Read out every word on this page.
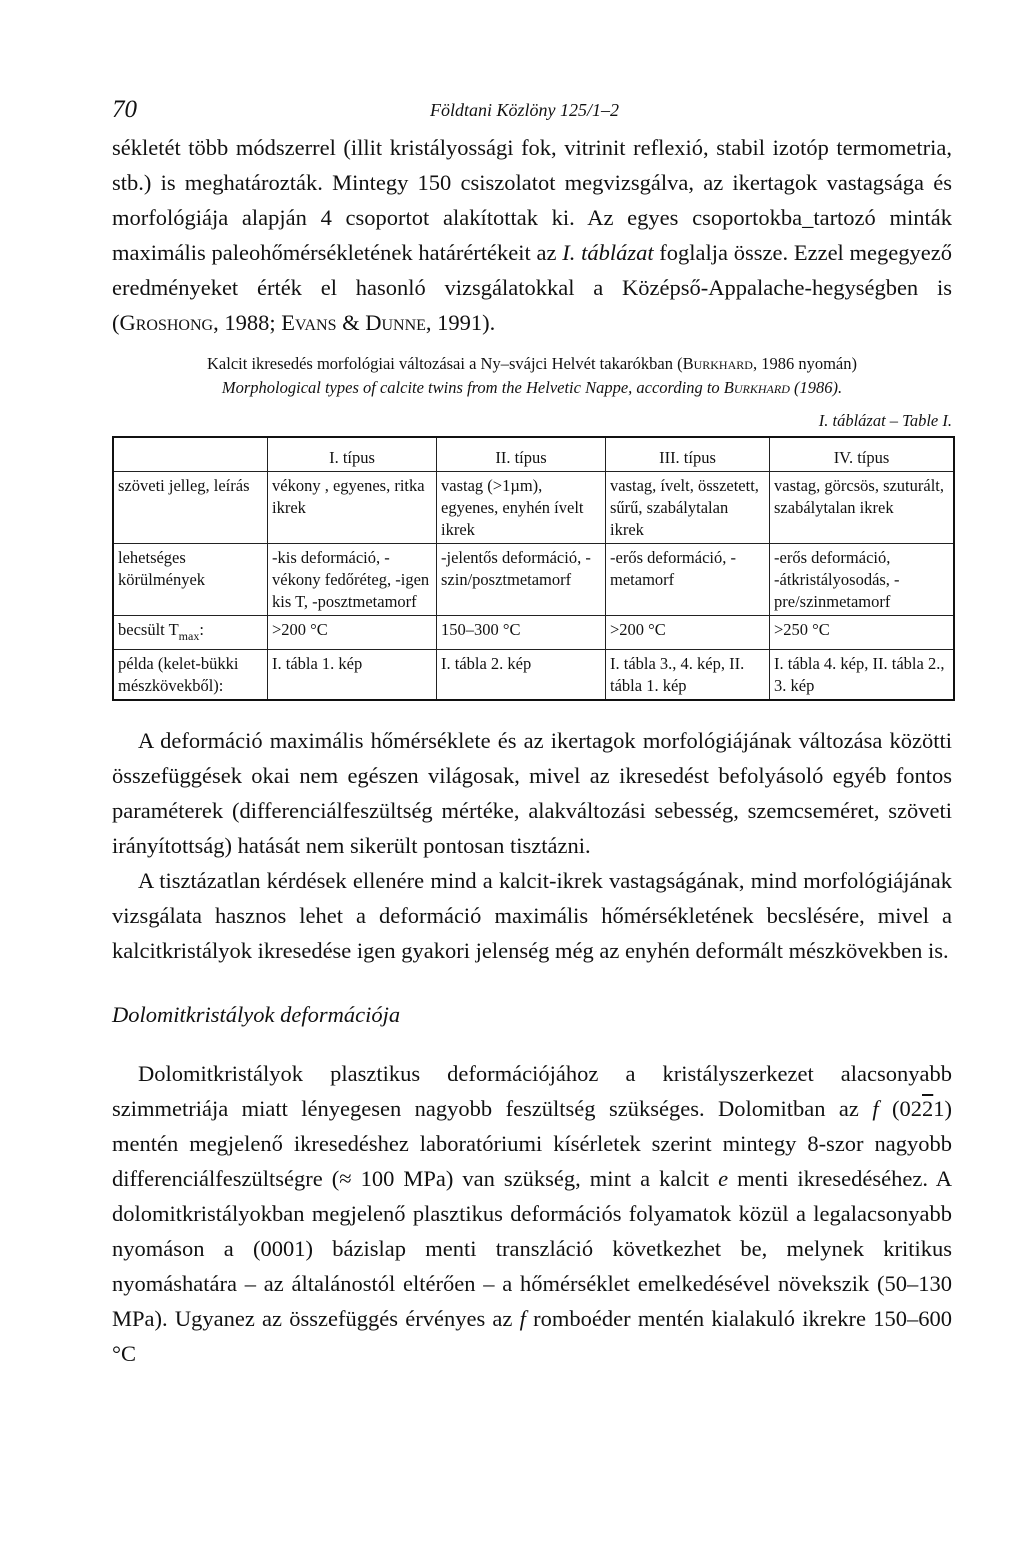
70	Földtani Közlöny 125/1–2

sékletét több módszerrel (illit kristályossági fok, vitrinit reflexió, stabil izotóp termometria, stb.) is meghatározták. Mintegy 150 csiszolatot megvizsgálva, az ikertagok vastagsága és morfológiája alapján 4 csoportot alakítottak ki. Az egyes csoportokba_tartozó minták maximális paleohőmérsékletének határértékeit az I. táblázat foglalja össze. Ezzel megegyező eredményeket érték el hasonló vizsgálatokkal a Középső-Appalache-hegységben is (Groshong, 1988; Evans & Dunne, 1991).

Kalcit ikresedés morfológiai változásai a Ny–svájci Helvét takarókban (Burkhard, 1986 nyomán)
Morphological types of calcite twins from the Helvetic Nappe, according to Burkhard (1986).
I. táblázat – Table I.
	I. típus	II. típus	III. típus	IV. típus
szöveti jelleg, leírás	vékony , egyenes, ritka ikrek	vastag (>1µm), egyenes, enyhén ívelt ikrek	vastag, ívelt, összetett, sűrű, szabálytalan ikrek	vastag, görcsös, szuturált, szabálytalan ikrek
lehetséges körülmények	-kis deformáció, -vékony fedőréteg, -igen kis T, -posztmetamorf	-jelentős deformáció, -szin/posztmetamorf	-erős deformáció, -metamorf	-erős deformáció, -átkristályosodás, -pre/szinmetamorf
becsült $T_{max}$:	>200 °C	150–300 °C	>200 °C	>250 °C
példa (kelet-bükki mészkövekből):	I. tábla 1. kép	I. tábla 2. kép	I. tábla 3., 4. kép, II. tábla 1. kép	I. tábla 4. kép, II. tábla 2., 3. kép

A deformáció maximális hőmérséklete és az ikertagok morfológiájának változása közötti összefüggések okai nem egészen világosak, mivel az ikresedést befolyásoló egyéb fontos paraméterek (differenciálfeszültség mértéke, alakváltozási sebesség, szemcseméret, szöveti irányítottság) hatását nem sikerült pontosan tisztázni.

A tisztázatlan kérdések ellenére mind a kalcit-ikrek vastagságának, mind morfológiájának vizsgálata hasznos lehet a deformáció maximális hőmérsékletének becslésére, mivel a kalcitkristályok ikresedése igen gyakori jelenség még az enyhén deformált mészkövekben is.

Dolomitkristályok deformációja

Dolomitkristályok plasztikus deformációjához a kristályszerkezet alacsonyabb szimmetriája miatt lényegesen nagyobb feszültség szükséges. Dolomitban az f (0221) mentén megjelenő ikresedéshez laboratóriumi kísérletek szerint mintegy 8-szor nagyobb differenciálfeszültségre (≈ 100 MPa) van szükség, mint a kalcit e menti ikresedéséhez. A dolomitkristályokban megjelenő plasztikus deformációs folyamatok közül a legalacsonyabb nyomáson a (0001) bázislap menti transzláció következhet be, melynek kritikus nyomáshatára – az általánostól eltérően – a hőmérséklet emelkedésével növekszik (50–130 MPa). Ugyanez az összefüggés érvényes az f romboéder mentén kialakuló ikrekre 150–600 °C
